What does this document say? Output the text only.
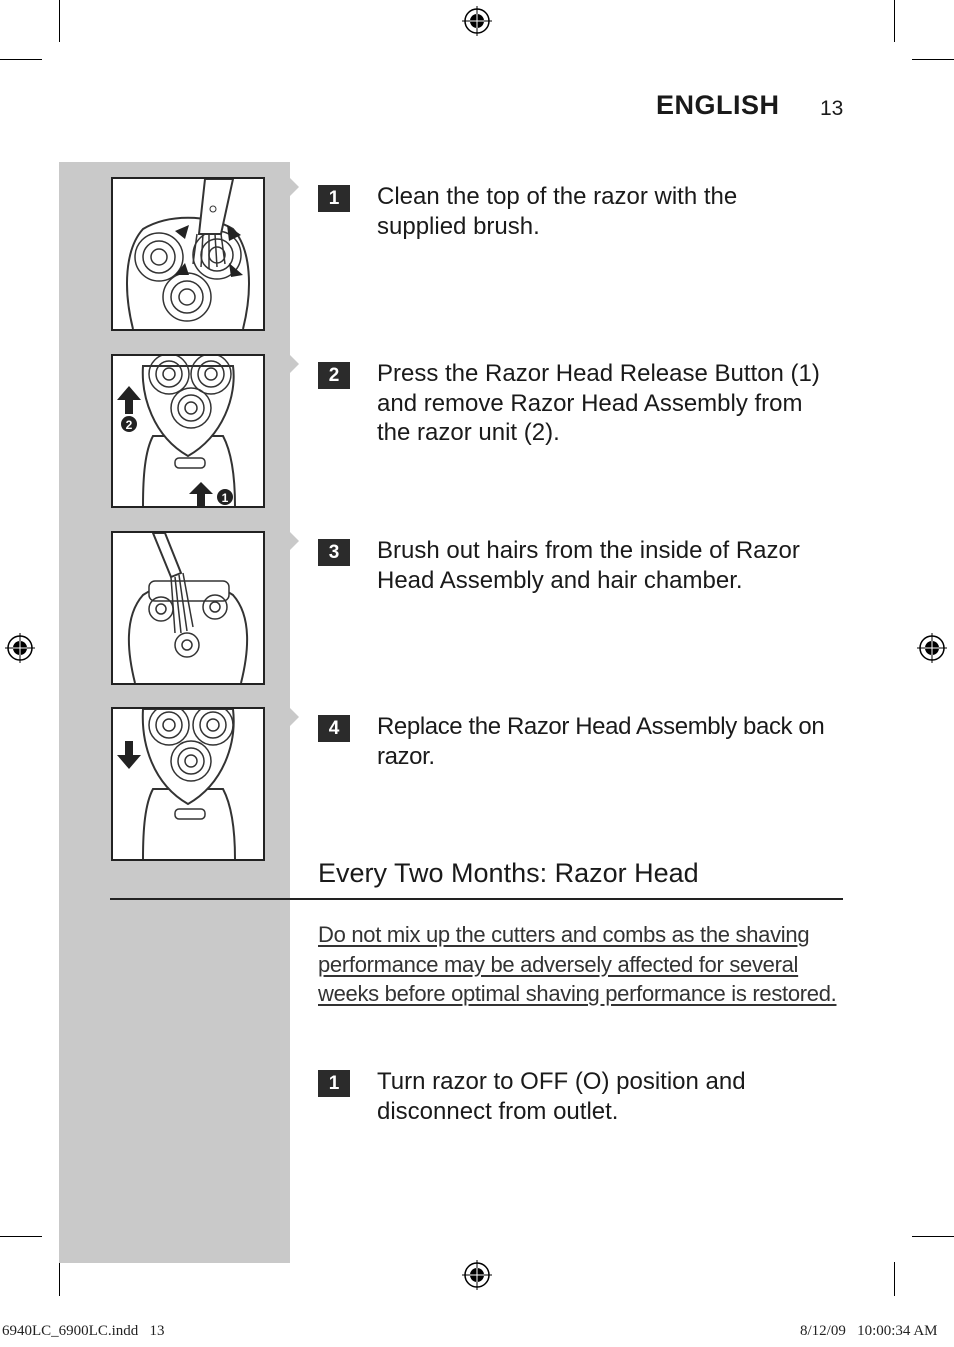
ENGLISH 13
2
1
1	Clean the top of the razor with the supplied brush.
2	Press the Razor Head Release Button (1) and remove Razor Head Assembly from the razor unit (2).
3	Brush out hairs from the inside of Razor Head Assembly and hair chamber.
4	Replace the Razor Head Assembly back on razor.
Every Two Months: Razor Head
Do not mix up the cutters and combs as the shaving performance may be adversely affected for several weeks before optimal shaving performance is restored.
1	Turn razor to OFF (O) position and disconnect from outlet.
6940LC_6900LC.indd   13	8/12/09   10:00:34 AM
